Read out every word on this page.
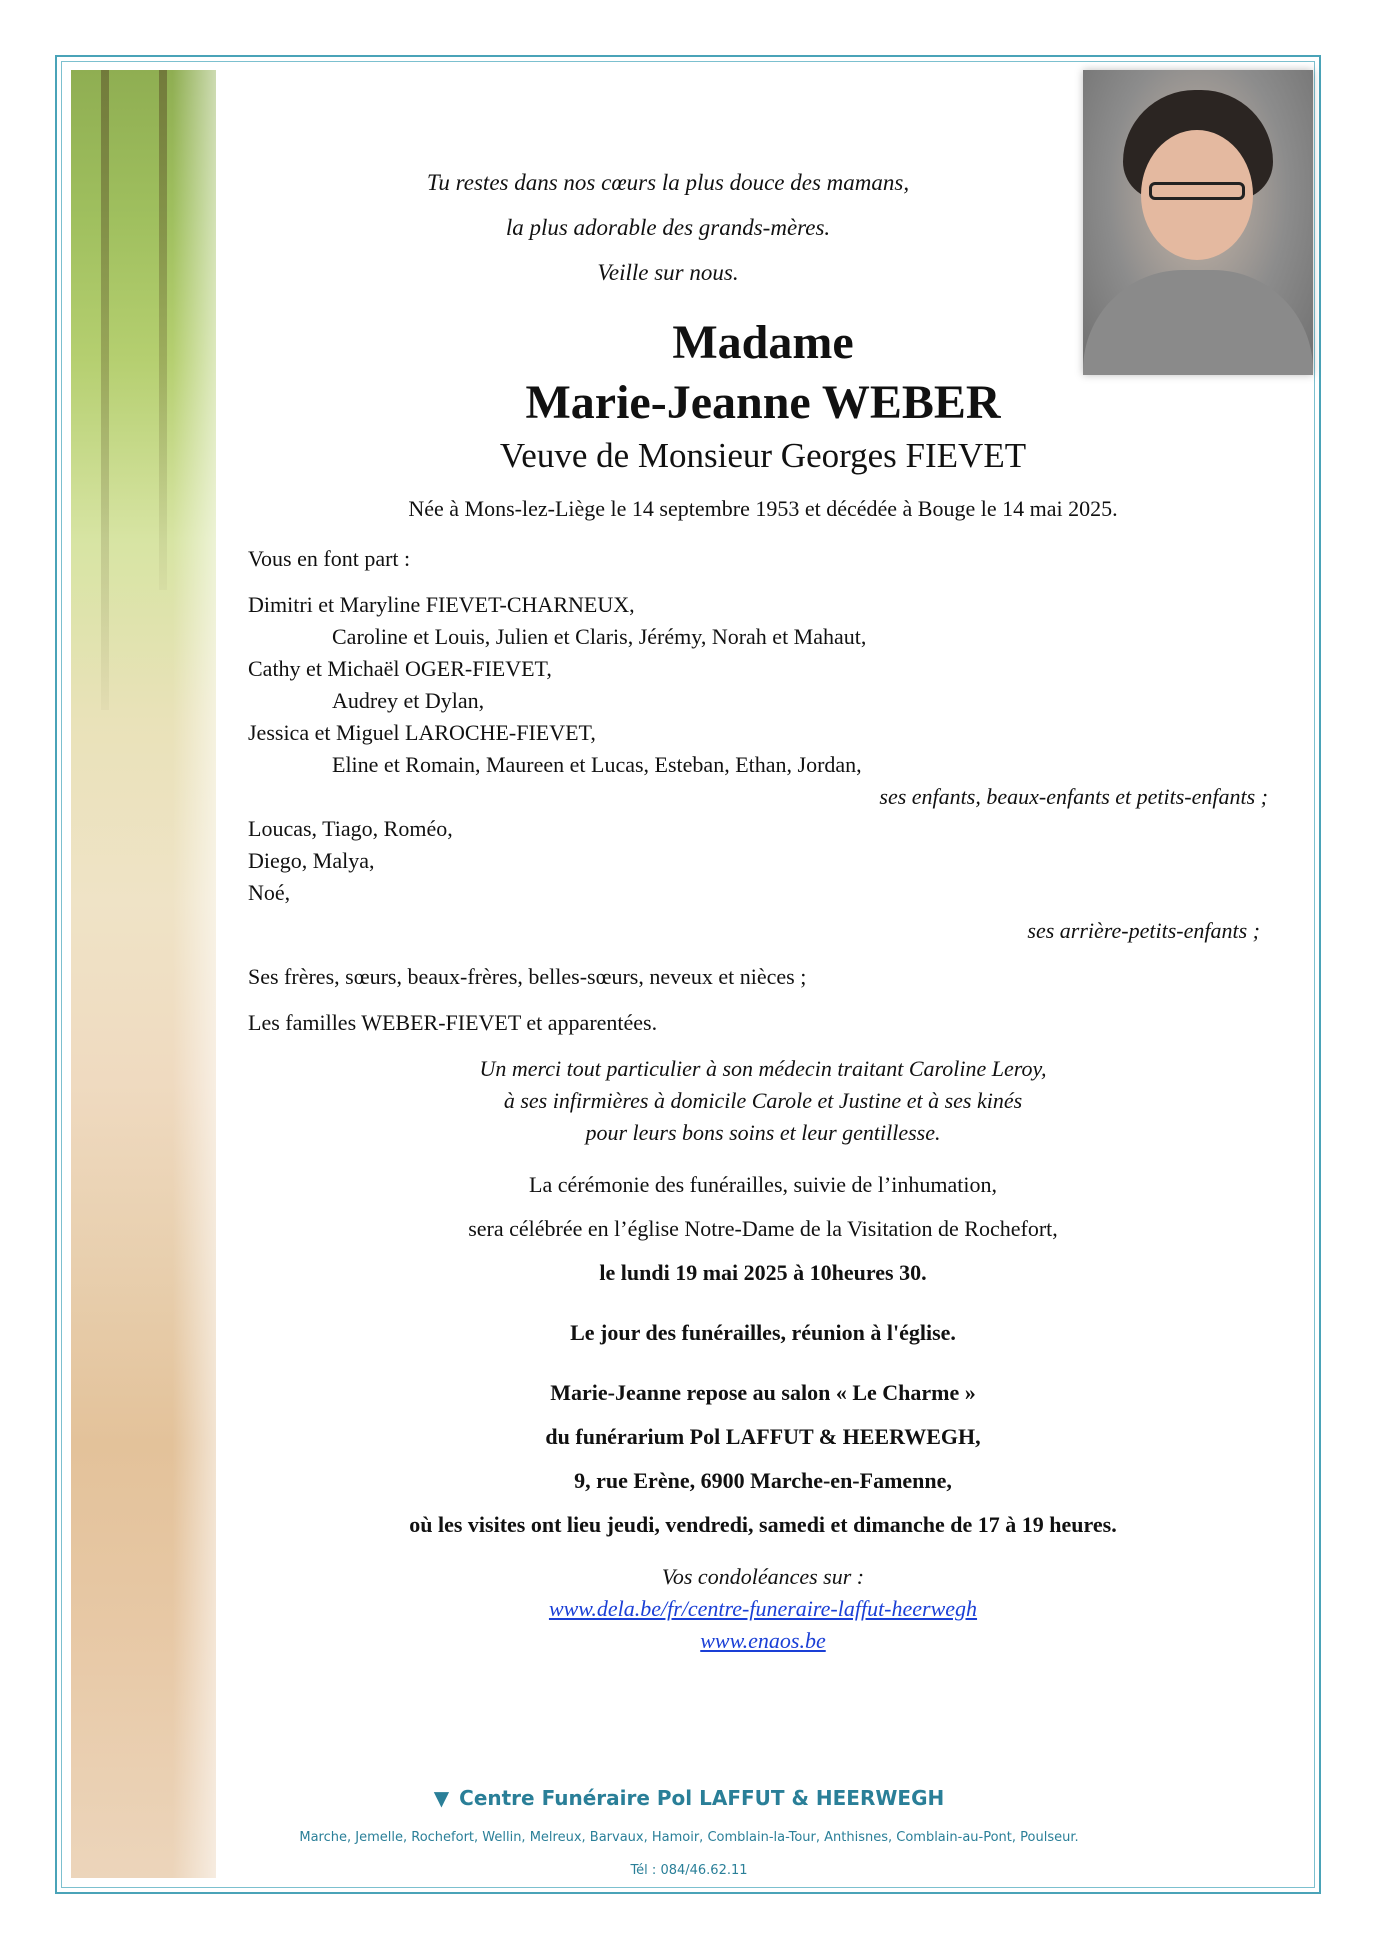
Tu restes dans nos cœurs la plus douce des mamans,
la plus adorable des grands-mères.
Veille sur nous.
Madame
Marie-Jeanne WEBER
Veuve de Monsieur Georges FIEVET
Née à Mons-lez-Liège le 14 septembre 1953 et décédée à Bouge le 14 mai 2025.
Vous en font part :
Dimitri et Maryline FIEVET-CHARNEUX,
Caroline et Louis, Julien et Claris, Jérémy, Norah et Mahaut,
Cathy et Michaël OGER-FIEVET,
Audrey et Dylan,
Jessica et Miguel LAROCHE-FIEVET,
Eline et Romain, Maureen et Lucas, Esteban, Ethan, Jordan,
ses enfants, beaux-enfants et petits-enfants ;
Loucas, Tiago, Roméo,
Diego, Malya,
Noé,
ses arrière-petits-enfants ;
Ses frères, sœurs, beaux-frères, belles-sœurs, neveux et nièces ;
Les familles WEBER-FIEVET et apparentées.
Un merci tout particulier à son médecin traitant Caroline Leroy,
à ses infirmières à domicile Carole et Justine et à ses kinés
pour leurs bons soins et leur gentillesse.
La cérémonie des funérailles, suivie de l’inhumation,
sera célébrée en l’église Notre-Dame de la Visitation de Rochefort,
le lundi 19 mai 2025 à 10heures 30.
Le jour des funérailles, réunion à l'église.
Marie-Jeanne repose au salon « Le Charme »
du funérarium Pol LAFFUT & HEERWEGH,
9, rue Erène, 6900 Marche-en-Famenne,
où les visites ont lieu jeudi, vendredi, samedi et dimanche de 17 à 19 heures.
Vos condoléances sur :
www.dela.be/fr/centre-funeraire-laffut-heerwegh
www.enaos.be
▼ Centre Funéraire Pol LAFFUT & HEERWEGH
Marche, Jemelle, Rochefort, Wellin, Melreux, Barvaux, Hamoir, Comblain-la-Tour, Anthisnes, Comblain-au-Pont, Poulseur.
Tél : 084/46.62.11
